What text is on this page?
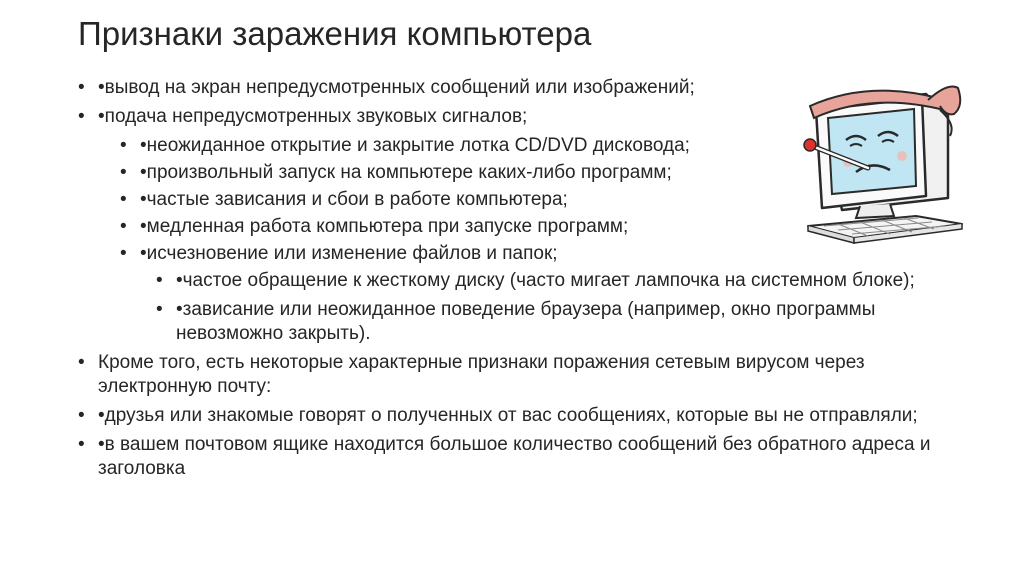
Признаки заражения компьютера
• •вывод на экран непредусмотренных сообщений или изображений;
• •подача непредусмотренных звуковых сигналов;
• •неожиданное открытие и закрытие лотка CD/DVD дисковода;
• •произвольный запуск на компьютере каких-либо программ;
• •частые зависания и сбои в работе компьютера;
• •медленная работа компьютера при запуске программ;
• •исчезновение или изменение файлов и папок;
• •частое обращение к жесткому диску (часто мигает лампочка на системном блоке);
• •зависание или неожиданное поведение браузера (например, окно программы невозможно закрыть).
• Кроме того, есть некоторые характерные признаки поражения сетевым вирусом через электронную почту:
• •друзья или знакомые говорят о полученных от вас сообщениях, которые вы не отправляли;
• •в вашем почтовом ящике находится большое количество сообщений без обратного адреса и заголовка
